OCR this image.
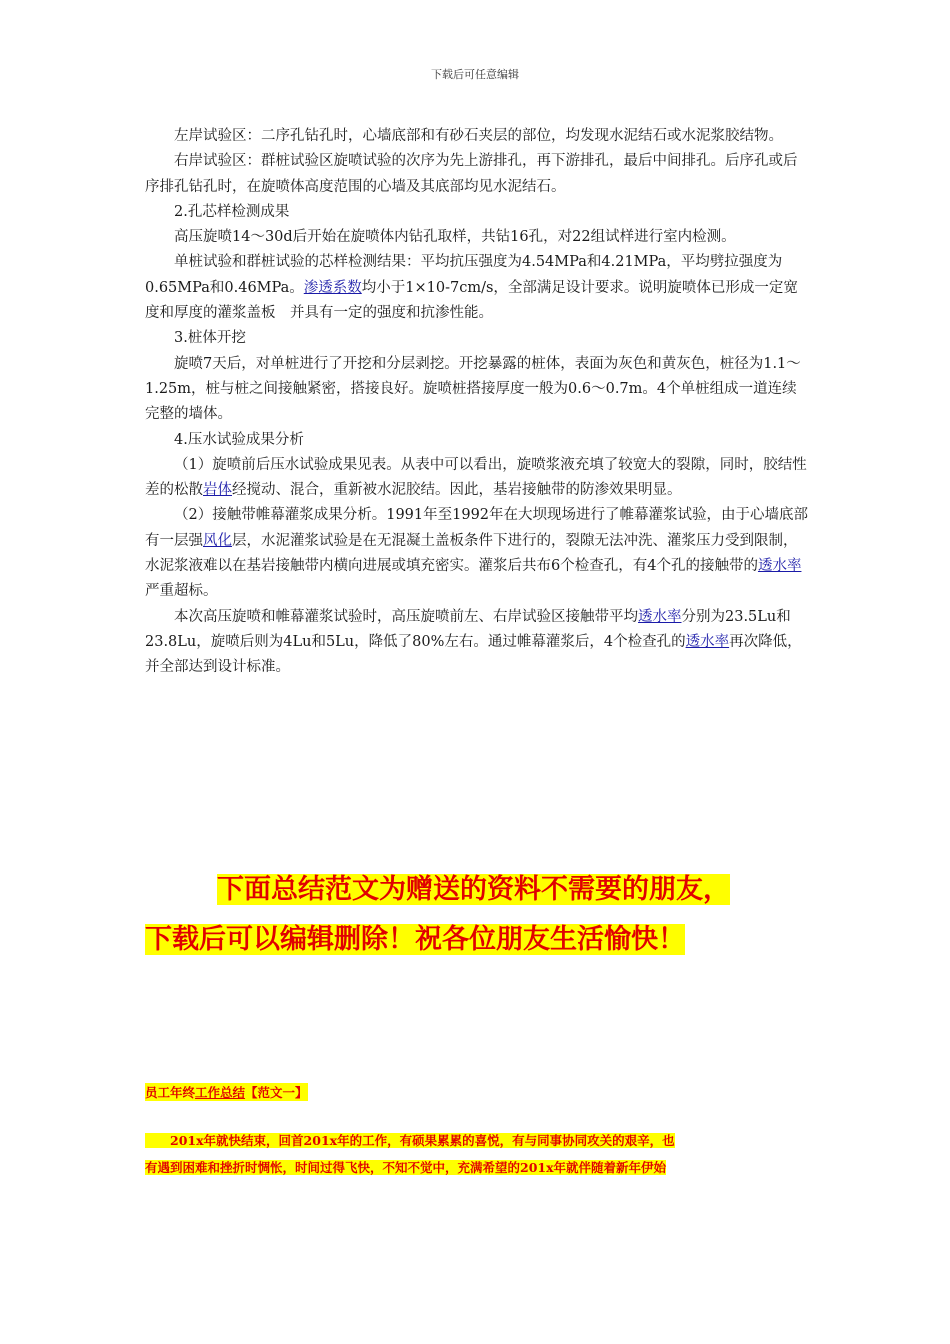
下载后可任意编辑

左岸试验区：二序孔钻孔时，心墙底部和有砂石夹层的部位，均发现水泥结石或水泥浆胶结物。

右岸试验区：群桩试验区旋喷试验的次序为先上游排孔，再下游排孔，最后中间排孔。后序孔或后序排孔钻孔时，在旋喷体高度范围的心墙及其底部均见水泥结石。

2.孔芯样检测成果

高压旋喷14～30d后开始在旋喷体内钻孔取样，共钻16孔，对22组试样进行室内检测。

单桩试验和群桩试验的芯样检测结果：平均抗压强度为4.54MPa和4.21MPa，平均劈拉强度为0.65MPa和0.46MPa。渗透系数均小于1×10-7cm/s，全部满足设计要求。说明旋喷体已形成一定宽度和厚度的灌浆盖板　并具有一定的强度和抗渗性能。

3.桩体开挖

旋喷7天后，对单桩进行了开挖和分层剥挖。开挖暴露的桩体，表面为灰色和黄灰色，桩径为1.1～1.25m，桩与桩之间接触紧密，搭接良好。旋喷桩搭接厚度一般为0.6～0.7m。4个单桩组成一道连续完整的墙体。

4.压水试验成果分析

（1）旋喷前后压水试验成果见表。从表中可以看出，旋喷浆液充填了较宽大的裂隙，同时，胶结性差的松散岩体经搅动、混合，重新被水泥胶结。因此，基岩接触带的防渗效果明显。

（2）接触带帷幕灌浆成果分析。1991年至1992年在大坝现场进行了帷幕灌浆试验，由于心墙底部有一层强风化层，水泥灌浆试验是在无混凝土盖板条件下进行的，裂隙无法冲洗、灌浆压力受到限制，水泥浆液难以在基岩接触带内横向进展或填充密实。灌浆后共布6个检查孔，有4个孔的接触带的透水率严重超标。

本次高压旋喷和帷幕灌浆试验时，高压旋喷前左、右岸试验区接触带平均透水率分别为23.5Lu和23.8Lu，旋喷后则为4Lu和5Lu，降低了80%左右。通过帷幕灌浆后，4个检查孔的透水率再次降低，并全部达到设计标准。

下面总结范文为赠送的资料不需要的朋友，
下载后可以编辑删除！祝各位朋友生活愉快！
员工年终工作总结【范文一】
　　201x年就快结束，回首201x年的工作，有硕果累累的喜悦，有与同事协同攻关的艰辛，也
有遇到困难和挫折时惆怅，时间过得飞快，不知不觉中，充满希望的201x年就伴随着新年伊始
